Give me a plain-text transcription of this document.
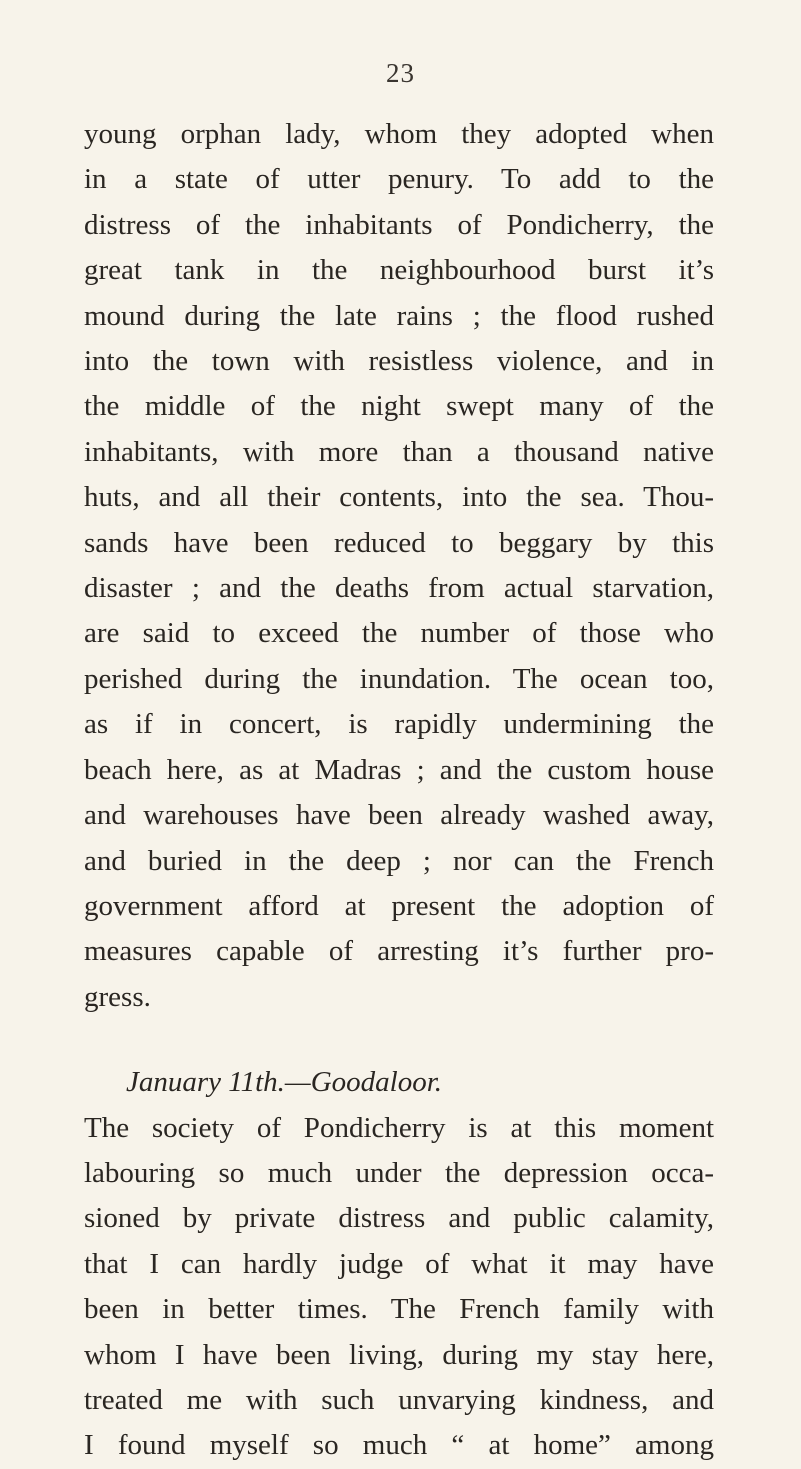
23
young orphan lady, whom they adopted when
in a state of utter penury. To add to the
distress of the inhabitants of Pondicherry, the
great tank in the neighbourhood burst it’s
mound during the late rains ; the flood rushed
into the town with resistless violence, and in
the middle of the night swept many of the
inhabitants, with more than a thousand native
huts, and all their contents, into the sea. Thou-
sands have been reduced to beggary by this
disaster ; and the deaths from actual starvation,
are said to exceed the number of those who
perished during the inundation. The ocean too,
as if in concert, is rapidly undermining the
beach here, as at Madras ; and the custom house
and warehouses have been already washed away,
and buried in the deep ; nor can the French
government afford at present the adoption of
measures capable of arresting it’s further pro-
gress.
January 11th.—Goodaloor.
The society of Pondicherry is at this moment
labouring so much under the depression occa-
sioned by private distress and public calamity,
that I can hardly judge of what it may have
been in better times. The French family with
whom I have been living, during my stay here,
treated me with such unvarying kindness, and
I found myself so much “ at home” among
